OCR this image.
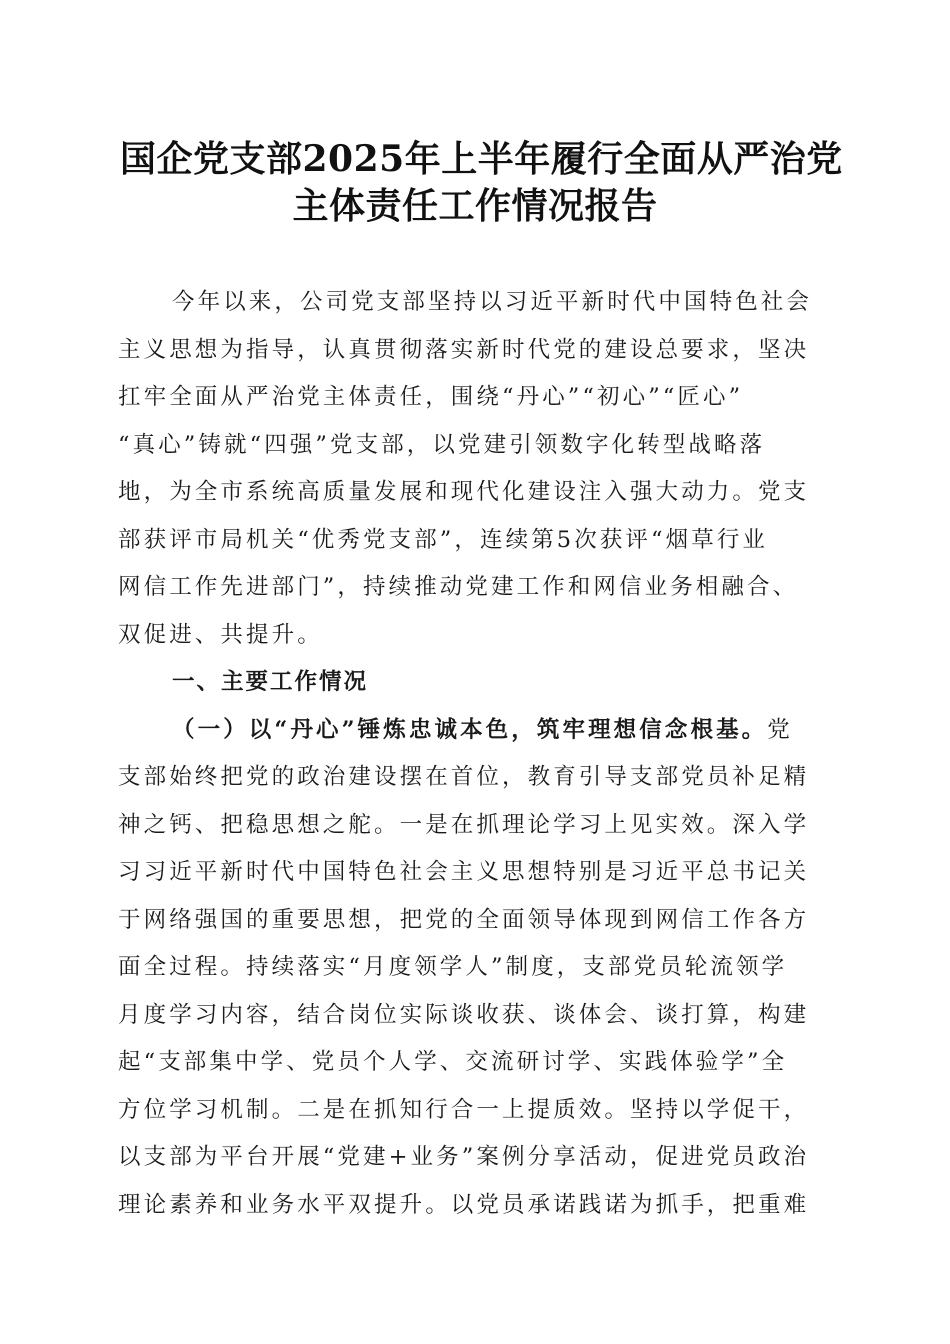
国企党支部2025年上半年履行全面从严治党
主体责任工作情况报告
今年以来，公司党支部坚持以习近平新时代中国特色社会
主义思想为指导，认真贯彻落实新时代党的建设总要求，坚决
扛牢全面从严治党主体责任，围绕“丹心”“初心”“匠心”
“真心”铸就“四强”党支部，以党建引领数字化转型战略落
地，为全市系统高质量发展和现代化建设注入强大动力。党支
部获评市局机关“优秀党支部”，连续第5次获评“烟草行业
网信工作先进部门”，持续推动党建工作和网信业务相融合、
双促进、共提升。
一、主要工作情况
（一）以“丹心”锤炼忠诚本色，筑牢理想信念根基。党
支部始终把党的政治建设摆在首位，教育引导支部党员补足精
神之钙、把稳思想之舵。一是在抓理论学习上见实效。深入学
习习近平新时代中国特色社会主义思想特别是习近平总书记关
于网络强国的重要思想，把党的全面领导体现到网信工作各方
面全过程。持续落实“月度领学人”制度，支部党员轮流领学
月度学习内容，结合岗位实际谈收获、谈体会、谈打算，构建
起“支部集中学、党员个人学、交流研讨学、实践体验学”全
方位学习机制。二是在抓知行合一上提质效。坚持以学促干，
以支部为平台开展“党建+业务”案例分享活动，促进党员政治
理论素养和业务水平双提升。以党员承诺践诺为抓手，把重难
